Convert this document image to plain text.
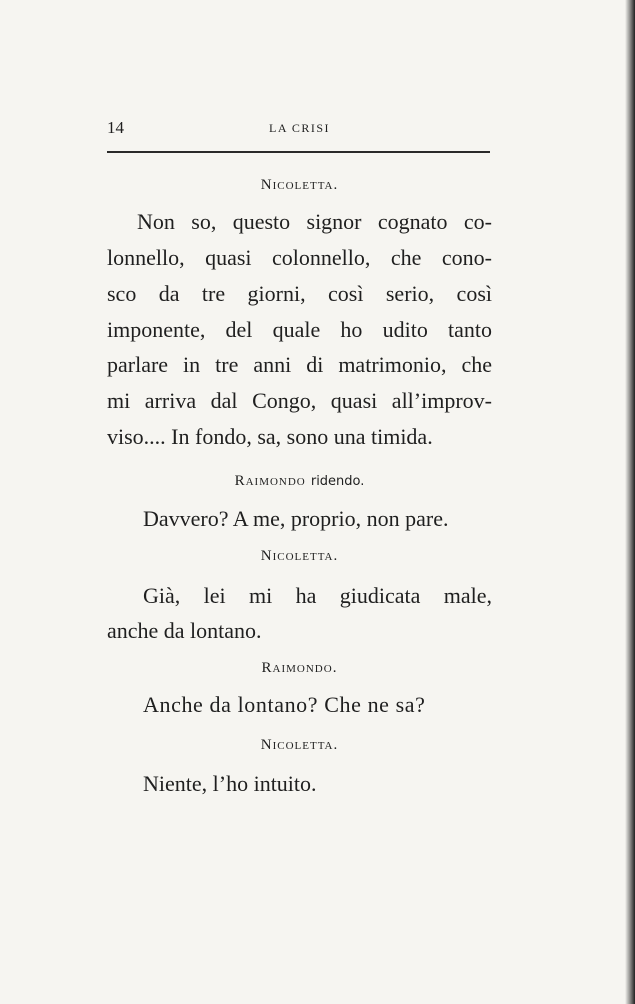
14	LA CRISI
Nicoletta.
Non so, questo signor cognato co-
lonnello, quasi colonnello, che cono-
sco da tre giorni, così serio, così
imponente, del quale ho udito tanto
parlare in tre anni di matrimonio, che
mi arriva dal Congo, quasi all’improv-
viso.... In fondo, sa, sono una timida.
Raimondo ridendo.
Davvero? A me, proprio, non pare.
Nicoletta.
Già, lei mi ha giudicata male,
anche da lontano.
Raimondo.
Anche da lontano? Che ne sa?
Nicoletta.
Niente, l’ho intuito.
